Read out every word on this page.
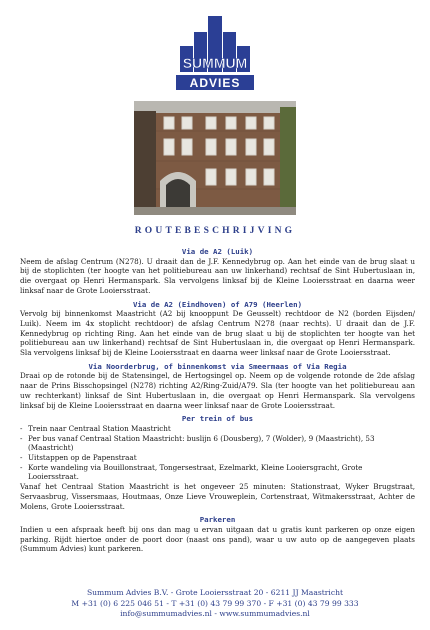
SUMMUM
ADVIES
ROUTEBESCHRIJVING

Via de A2 (Luik)

Neem de afslag Centrum (N278). U draait dan de J.F. Kennedybrug op. Aan het einde van de brug slaat u bij de stoplichten (ter hoogte van het politiebureau aan uw linkerhand) rechtsaf de Sint Hubertuslaan in, die overgaat op Henri Hermanspark. Sla vervolgens linksaf bij de Kleine Looiersstraat en daarna weer linksaf naar de Grote Looiersstraat.

Via de A2 (Eindhoven) of A79 (Heerlen)

Vervolg bij binnenkomst Maastricht (A2 bij knooppunt De Geusselt) rechtdoor de N2 (borden Eijsden/ Luik). Neem im 4x stoplicht rechtdoor) de afslag Centrum N278 (naar rechts). U draait dan de J.F. Kennedybrug op richting Ring. Aan het einde van de brug slaat u bij de stoplichten ter hoogte van het politiebureau aan uw linkerhand) rechtsaf de Sint Hubertuslaan in, die overgaat op Henri Hermanspark. Sla vervolgens linksaf bij de Kleine Looiersstraat en daarna weer linksaf naar de Grote Looiersstraat.

Via Noorderbrug, of binnenkomst via Smeermaas of Via Regia

Draai op de rotonde bij de Statensingel, de Hertogsingel op. Neem op de volgende rotonde de 2de afslag naar de Prins Bisschopsingel (N278) richting A2/Ring-Zuid/A79. Sla (ter hoogte van het politiebureau aan uw rechterkant) linksaf de Sint Hubertuslaan in, die overgaat op Henri Hermanspark. Sla vervolgens linksaf bij de Kleine Looiersstraat en daarna weer linksaf naar de Grote Looiersstraat.

Per trein of bus

- Trein naar Centraal Station Maastricht
- Per bus vanaf Centraal Station Maastricht: buslijn 6 (Dousberg), 7 (Wolder), 9 (Maastricht), 53 (Maastricht)
- Uitstappen op de Papenstraat
- Korte wandeling via Bouillonstraat, Tongersestraat, Ezelmarkt, Kleine Looiersgracht, Grote Looiersstraat.

Vanaf het Centraal Station Maastricht is het ongeveer 25 minuten: Stationstraat, Wyker Brugstraat, Servaasbrug, Vissersmaas, Houtmaas, Onze Lieve Vrouweplein, Cortenstraat, Witmakersstraat, Achter de Molens, Grote Looiersstraat.

Parkeren

Indien u een afspraak heeft bij ons dan mag u ervan uitgaan dat u gratis kunt parkeren op onze eigen parking. Rijdt hiertoe onder de poort door (naast ons pand), waar u uw auto op de aangegeven plaats (Summum Advies) kunt parkeren.

Summum Advies B.V. - Grote Looiersstraat 20 - 6211 JJ Maastricht
M +31 (0) 6 225 046 51 - T +31 (0) 43 79 99 370 - F +31 (0) 43 79 99 333
info@summumadvies.nl - www.summumadvies.nl
